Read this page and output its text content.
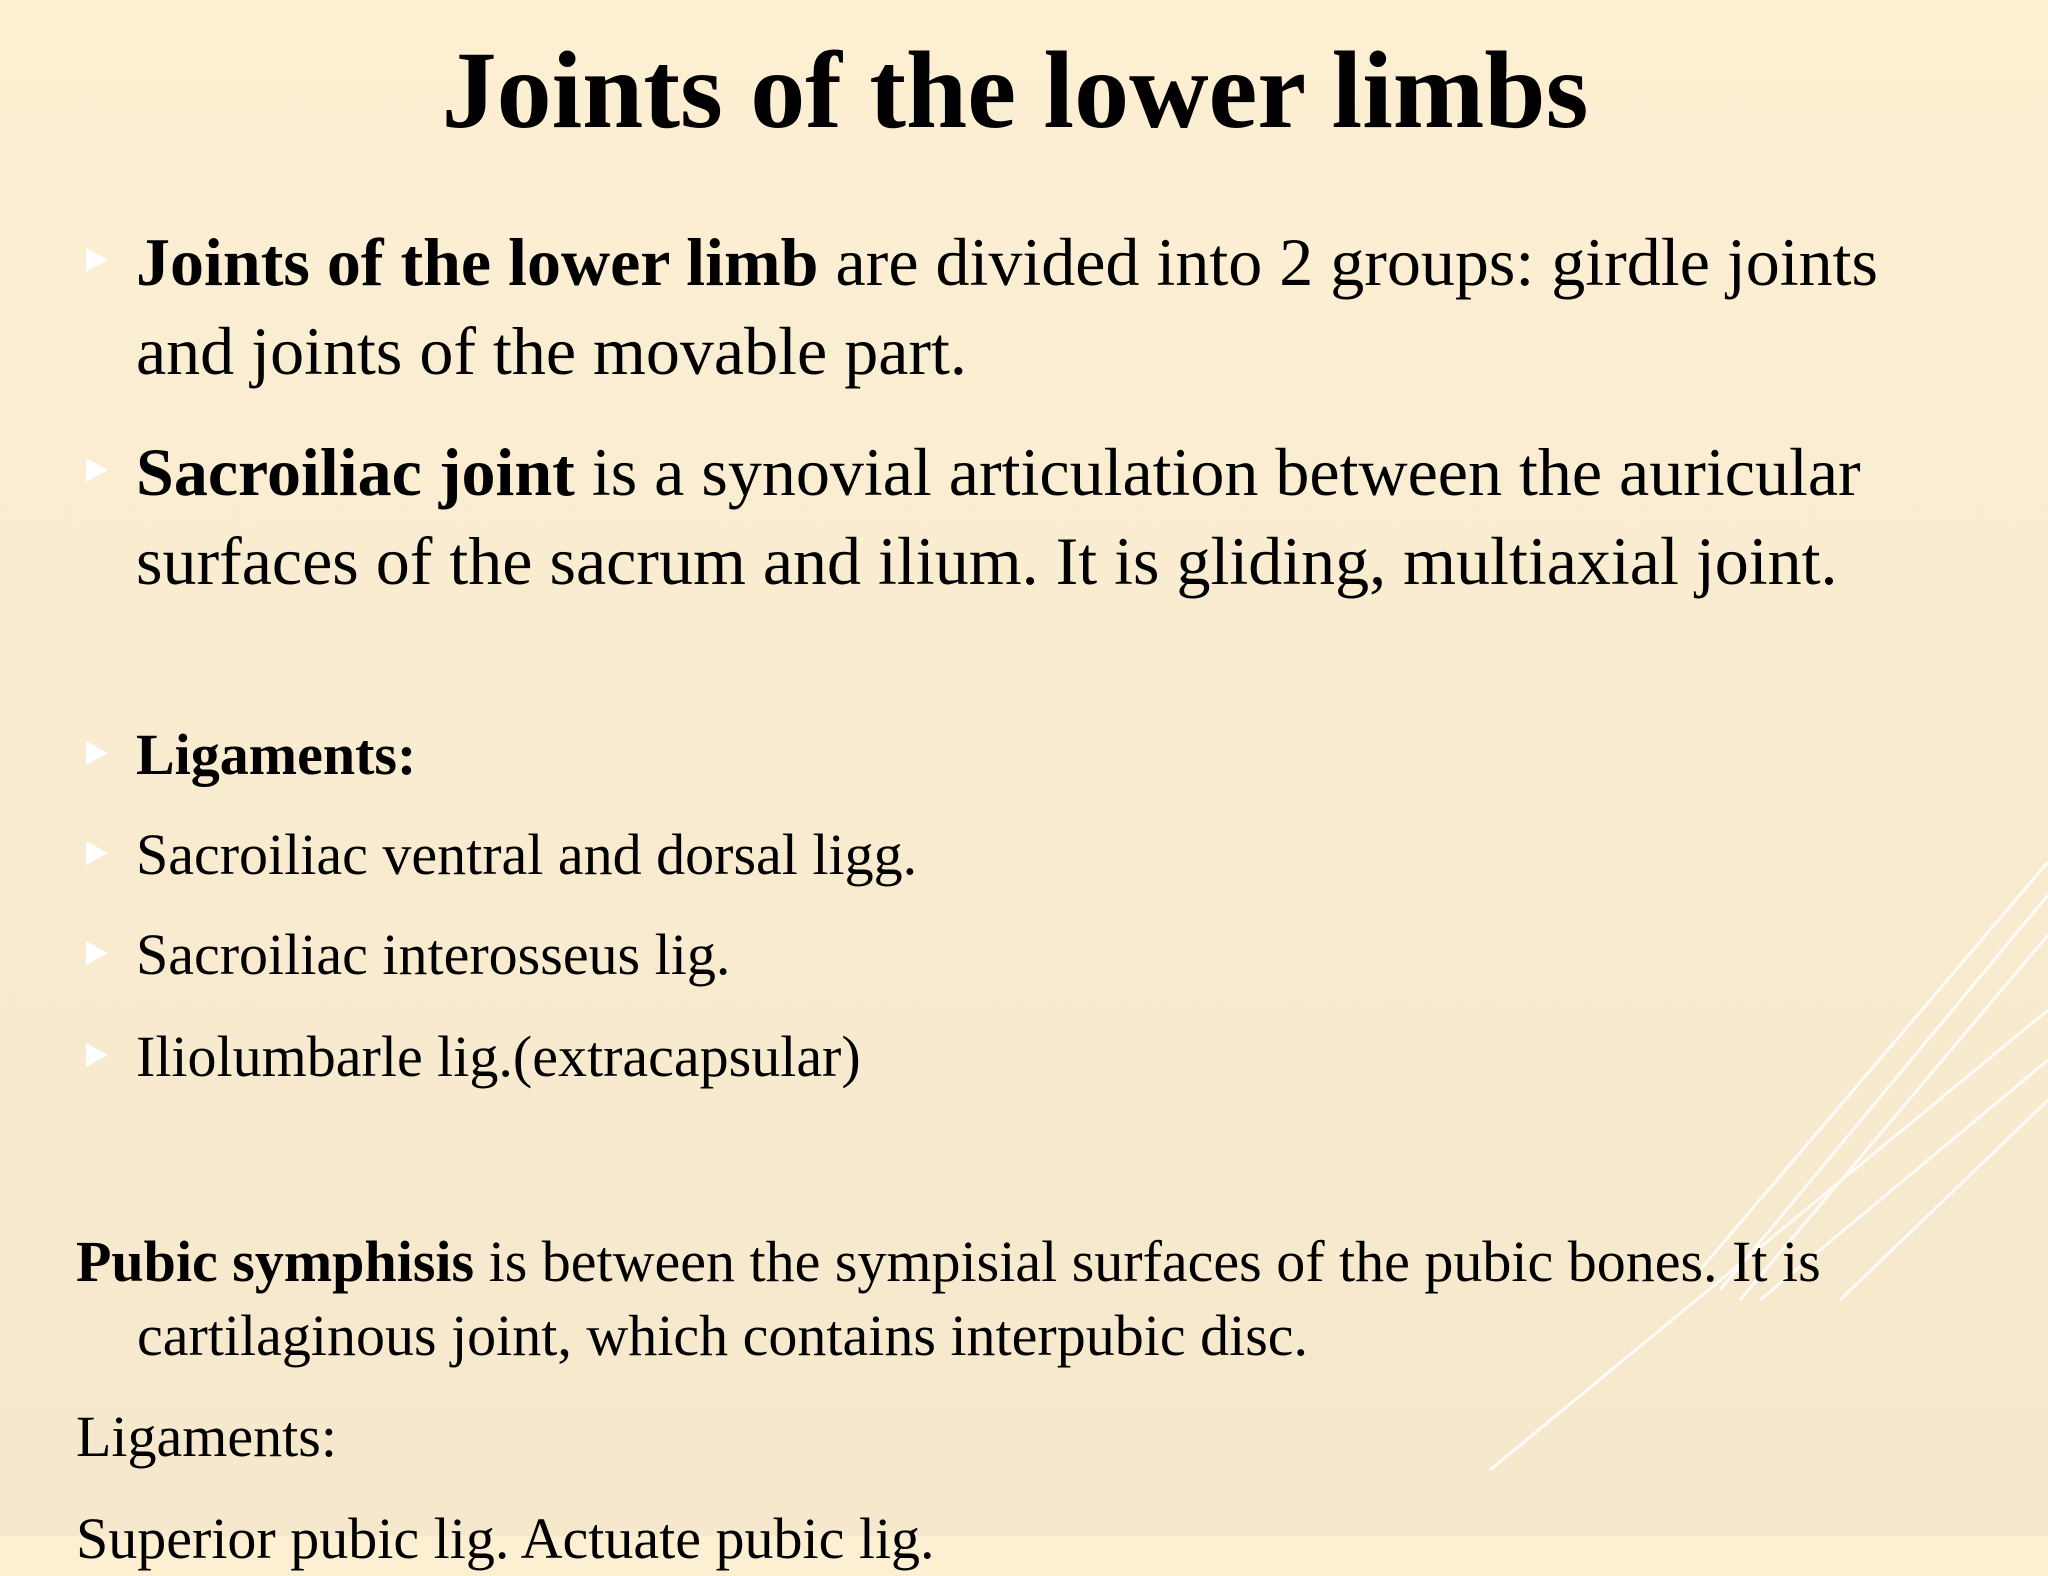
Joints of the lower limbs

Joints of the lower limb are divided into 2 groups: girdle joints and joints of the movable part.

Sacroiliac joint is a synovial articulation between the auricular surfaces of the sacrum and ilium. It is gliding, multiaxial joint.

Ligaments:

Sacroiliac ventral and dorsal ligg.

Sacroiliac interosseus lig.

Iliolumbarle lig.(extracapsular)

Pubic symphisis is between the sympisial surfaces of the pubic bones. It is cartilaginous joint, which contains interpubic disc.

Ligaments:

Superior pubic lig. Actuate pubic lig.
